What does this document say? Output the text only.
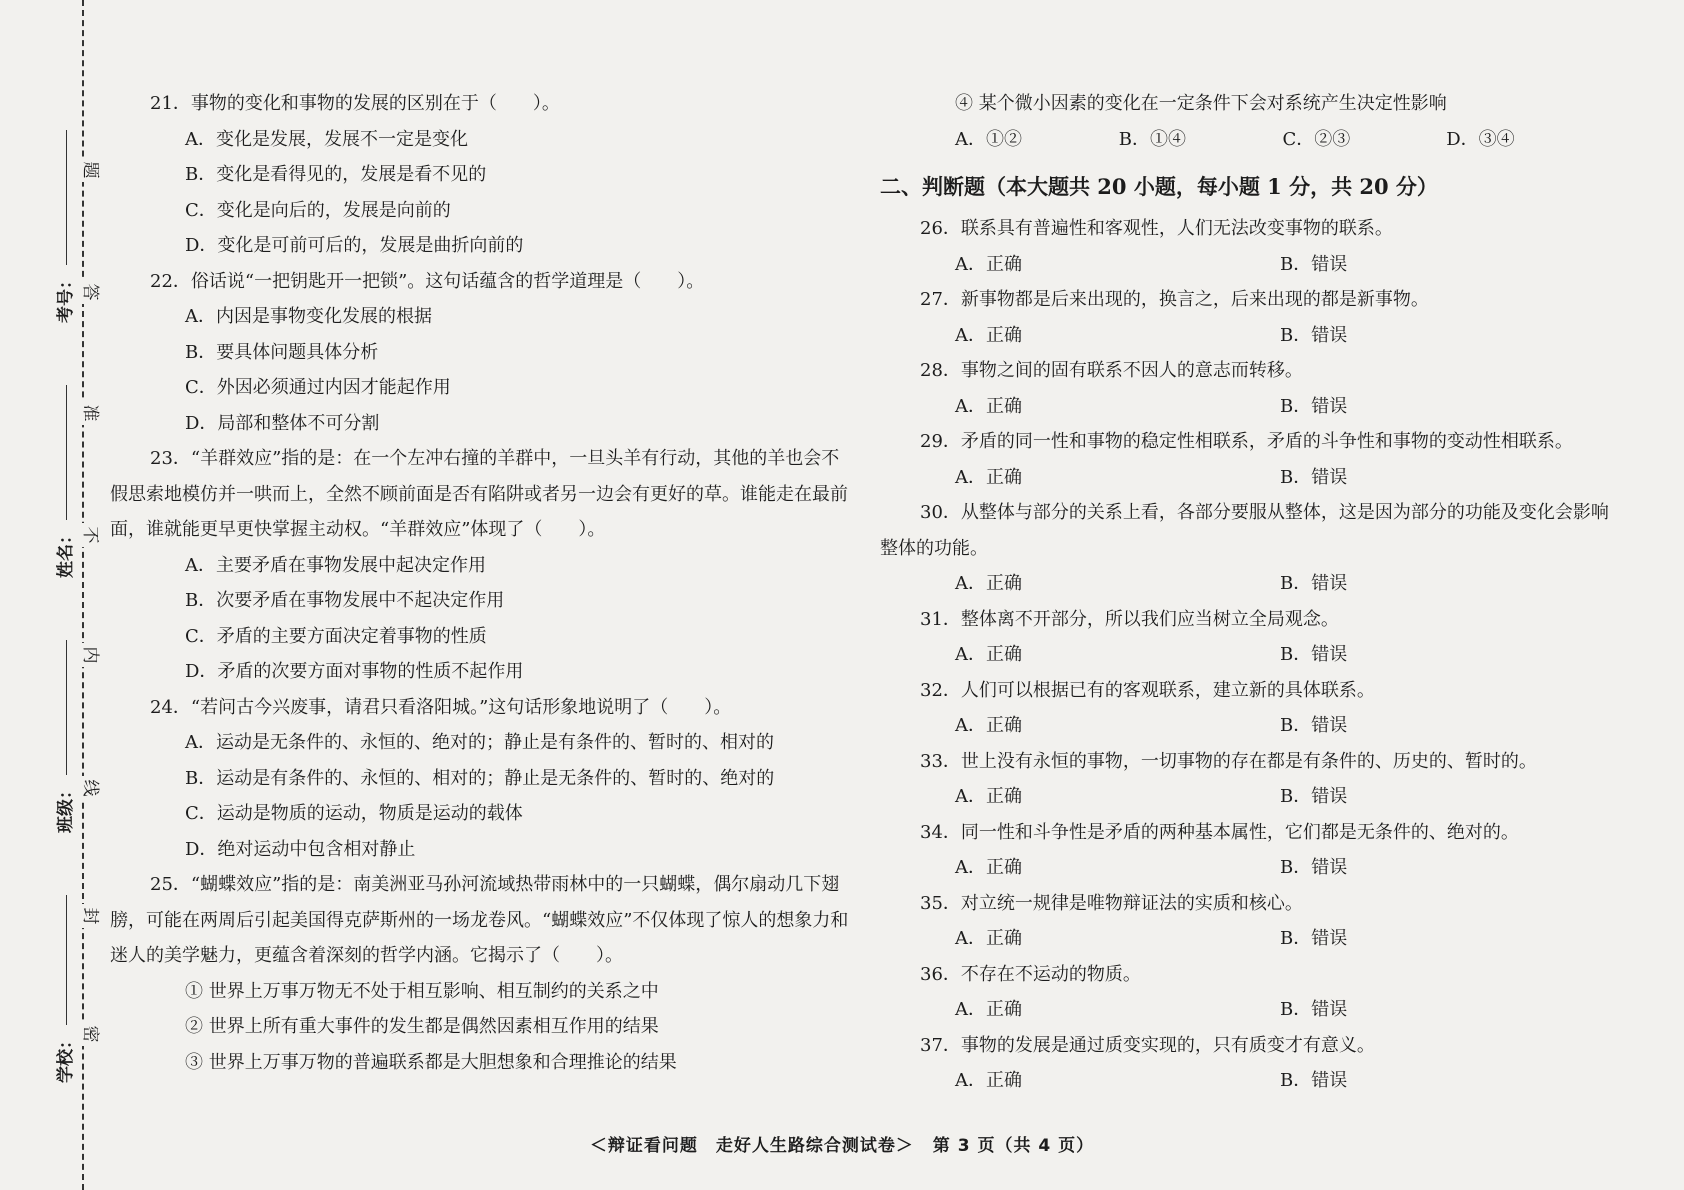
题
答
准
不
内
线
封
密
考号：
姓名：
班级：
学校：

21．事物的变化和事物的发展的区别在于（　　）。

A．变化是发展，发展不一定是变化

B．变化是看得见的，发展是看不见的

C．变化是向后的，发展是向前的

D．变化是可前可后的，发展是曲折向前的

22．俗话说“一把钥匙开一把锁”。这句话蕴含的哲学道理是（　　）。

A．内因是事物变化发展的根据

B．要具体问题具体分析

C．外因必须通过内因才能起作用

D．局部和整体不可分割

23．“羊群效应”指的是：在一个左冲右撞的羊群中，一旦头羊有行动，其他的羊也会不假思索地模仿并一哄而上，全然不顾前面是否有陷阱或者另一边会有更好的草。谁能走在最前面，谁就能更早更快掌握主动权。“羊群效应”体现了（　　）。

A．主要矛盾在事物发展中起决定作用

B．次要矛盾在事物发展中不起决定作用

C．矛盾的主要方面决定着事物的性质

D．矛盾的次要方面对事物的性质不起作用

24．“若问古今兴废事，请君只看洛阳城。”这句话形象地说明了（　　）。

A．运动是无条件的、永恒的、绝对的；静止是有条件的、暂时的、相对的

B．运动是有条件的、永恒的、相对的；静止是无条件的、暂时的、绝对的

C．运动是物质的运动，物质是运动的载体

D．绝对运动中包含相对静止

25．“蝴蝶效应”指的是：南美洲亚马孙河流域热带雨林中的一只蝴蝶，偶尔扇动几下翅膀，可能在两周后引起美国得克萨斯州的一场龙卷风。“蝴蝶效应”不仅体现了惊人的想象力和迷人的美学魅力，更蕴含着深刻的哲学内涵。它揭示了（　　）。

① 世界上万事万物无不处于相互影响、相互制约的关系之中

② 世界上所有重大事件的发生都是偶然因素相互作用的结果

③ 世界上万事万物的普遍联系都是大胆想象和合理推论的结果

④ 某个微小因素的变化在一定条件下会对系统产生决定性影响

A．①②	B．①④	C．②③	D．③④

二、判断题（本大题共 20 小题，每小题 1 分，共 20 分）

26．联系具有普遍性和客观性，人们无法改变事物的联系。

A．正确	B．错误

27．新事物都是后来出现的，换言之，后来出现的都是新事物。

A．正确	B．错误

28．事物之间的固有联系不因人的意志而转移。

A．正确	B．错误

29．矛盾的同一性和事物的稳定性相联系，矛盾的斗争性和事物的变动性相联系。

A．正确	B．错误

30．从整体与部分的关系上看，各部分要服从整体，这是因为部分的功能及变化会影响整体的功能。

A．正确	B．错误

31．整体离不开部分，所以我们应当树立全局观念。

A．正确	B．错误

32．人们可以根据已有的客观联系，建立新的具体联系。

A．正确	B．错误

33．世上没有永恒的事物，一切事物的存在都是有条件的、历史的、暂时的。

A．正确	B．错误

34．同一性和斗争性是矛盾的两种基本属性，它们都是无条件的、绝对的。

A．正确	B．错误

35．对立统一规律是唯物辩证法的实质和核心。

A．正确	B．错误

36．不存在不运动的物质。

A．正确	B．错误

37．事物的发展是通过质变实现的，只有质变才有意义。

A．正确	B．错误
＜辩证看问题　走好人生路综合测试卷＞ 第 3 页（共 4 页）
